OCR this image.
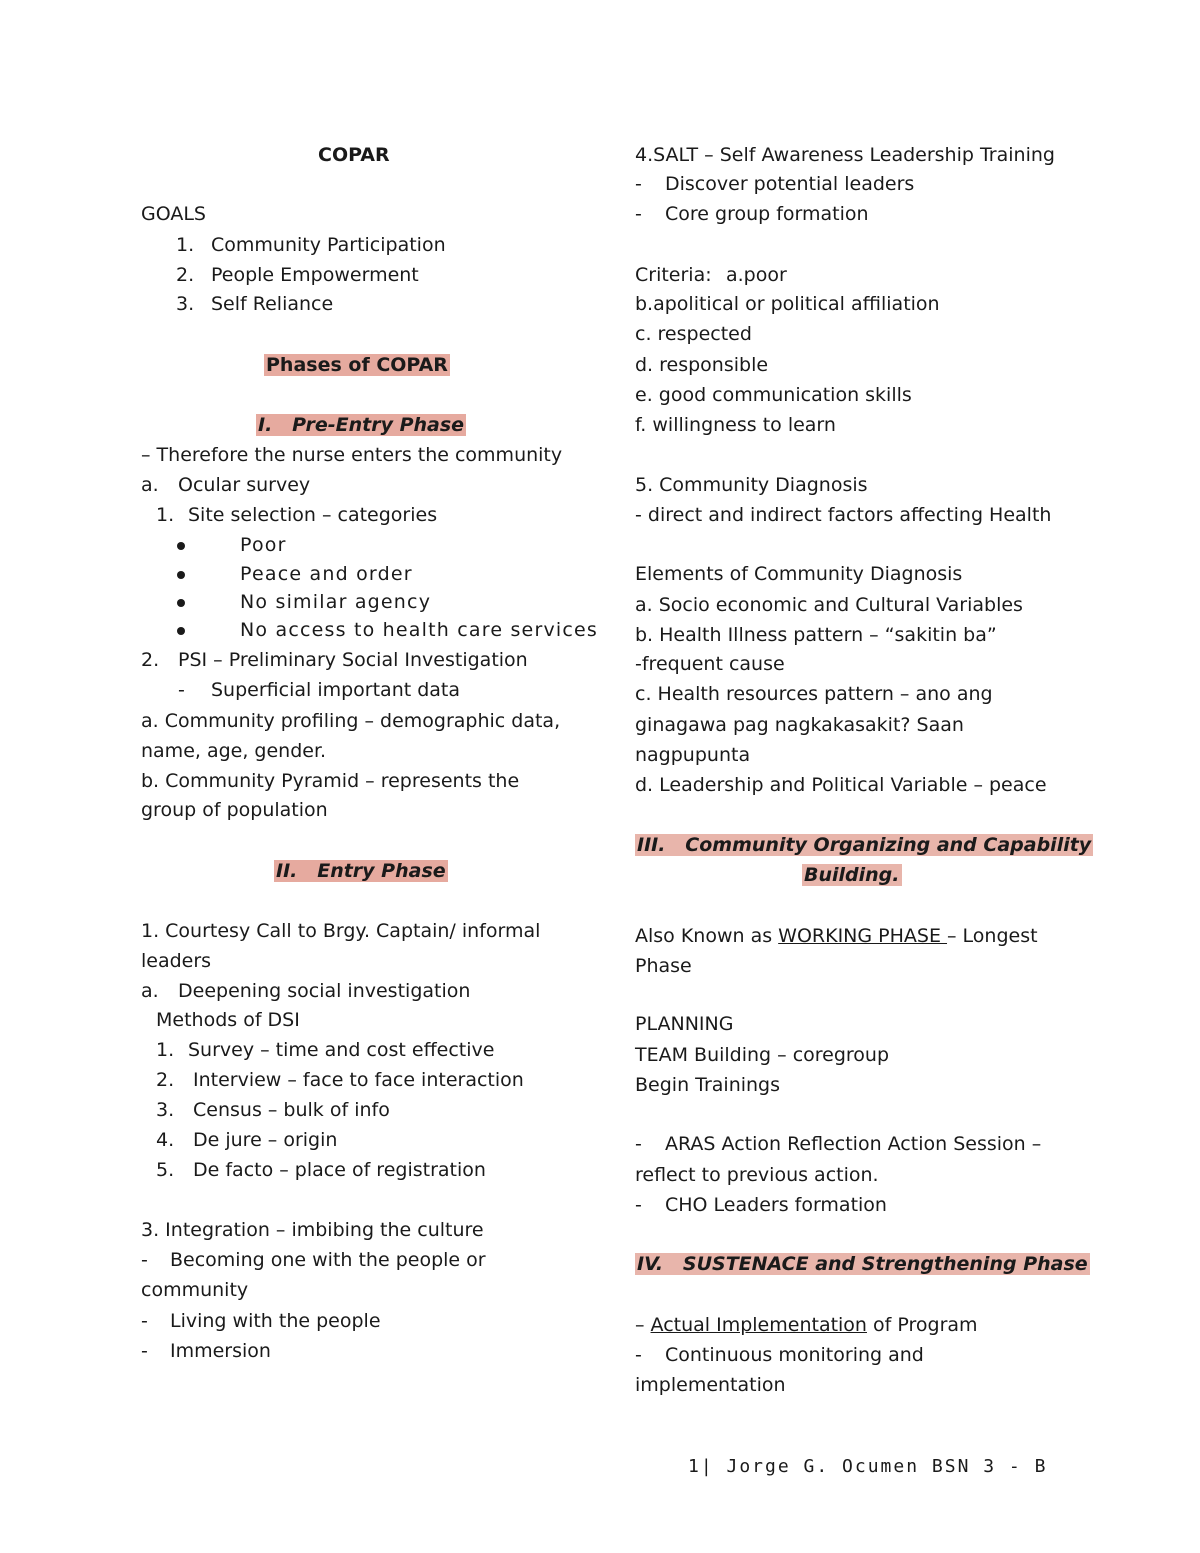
COPAR
GOALS
1. Community Participation
2. People Empowerment
3. Self Reliance
Phases of COPAR
I. Pre-Entry Phase
– Therefore the nurse enters the community
a. Ocular survey
1. Site selection – categories
Poor
Peace and order
No similar agency
No access to health care services
2. PSI – Preliminary Social Investigation
- Superficial important data
a. Community profiling – demographic data,
name, age, gender.
b. Community Pyramid – represents the
group of population
II. Entry Phase
1. Courtesy Call to Brgy. Captain/ informal
leaders
a. Deepening social investigation
Methods of DSI
1. Survey – time and cost effective
2. Interview – face to face interaction
3. Census – bulk of info
4. De jure – origin
5. De facto – place of registration
3. Integration – imbibing the culture
- Becoming one with the people or
community
- Living with the people
- Immersion
4.SALT – Self Awareness Leadership Training
- Discover potential leaders
- Core group formation
Criteria: a.poor
b.apolitical or political affiliation
c. respected
d. responsible
e. good communication skills
f. willingness to learn
5. Community Diagnosis
- direct and indirect factors affecting Health
Elements of Community Diagnosis
a. Socio economic and Cultural Variables
b. Health Illness pattern – “sakitin ba”
-frequent cause
c. Health resources pattern – ano ang
ginagawa pag nagkakasakit? Saan
nagpupunta
d. Leadership and Political Variable – peace
III. Community Organizing and Capability
Building.
Also Known as WORKING PHASE – Longest
Phase
PLANNING
TEAM Building – coregroup
Begin Trainings
- ARAS Action Reflection Action Session –
reflect to previous action.
- CHO Leaders formation
IV. SUSTENACE and Strengthening Phase
– Actual Implementation of Program
- Continuous monitoring and
implementation
1| Jorge G. Ocumen BSN 3 - B
